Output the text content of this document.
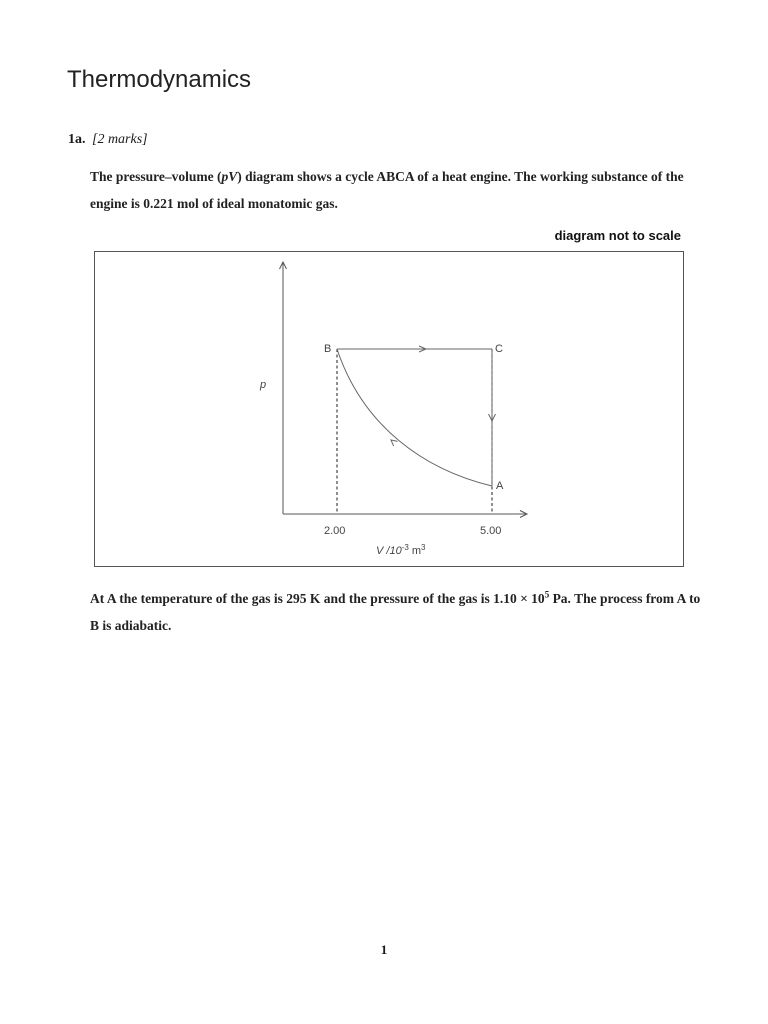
Thermodynamics
1a. [2 marks]
The pressure–volume (pV) diagram shows a cycle ABCA of a heat engine. The working substance of the engine is 0.221 mol of ideal monatomic gas.
diagram not to scale
B	C
A
p
2.00	5.00
V $/10^{-3}$ $m^3$
At A the temperature of the gas is 295 K and the pressure of the gas is $1.10 \times 10^5$ Pa. The process from A to B is adiabatic.
1
